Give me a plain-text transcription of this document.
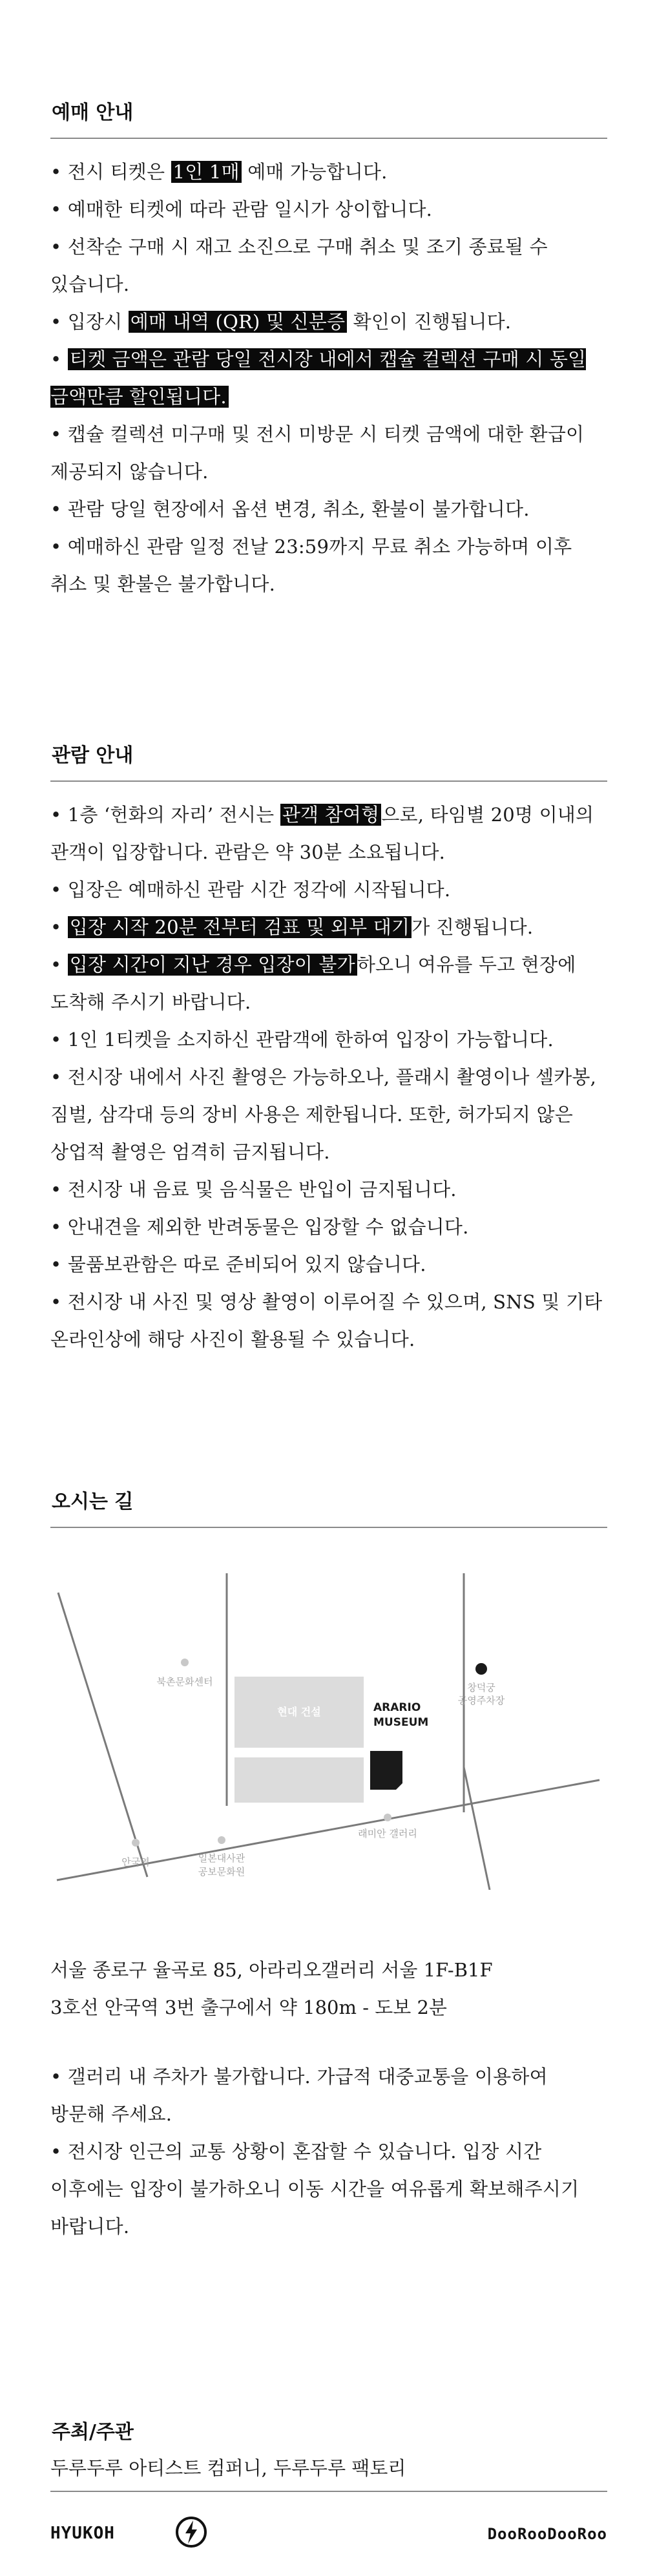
예매 안내
• 전시 티켓은 1인 1매 예매 가능합니다.
• 예매한 티켓에 따라 관람 일시가 상이합니다.
• 선착순 구매 시 재고 소진으로 구매 취소 및 조기 종료될 수 있습니다.
• 입장시 예매 내역 (QR) 및 신분증 확인이 진행됩니다.
• 티켓 금액은 관람 당일 전시장 내에서 캡슐 컬렉션 구매 시 동일 금액만큼 할인됩니다.
• 캡슐 컬렉션 미구매 및 전시 미방문 시 티켓 금액에 대한 환급이 제공되지 않습니다.
• 관람 당일 현장에서 옵션 변경, 취소, 환불이 불가합니다.
• 예매하신 관람 일정 전날 23:59까지 무료 취소 가능하며 이후 취소 및 환불은 불가합니다.
관람 안내
• 1층 ‘헌화의 자리’ 전시는 관객 참여형 으로, 타임별 20명 이내의 관객이 입장합니다. 관람은 약 30분 소요됩니다.
• 입장은 예매하신 관람 시간 정각에 시작됩니다.
• 입장 시작 20분 전부터 검표 및 외부 대기 가 진행됩니다.
• 입장 시간이 지난 경우 입장이 불가 하오니 여유를 두고 현장에 도착해 주시기 바랍니다.
• 1인 1티켓을 소지하신 관람객에 한하여 입장이 가능합니다.
• 전시장 내에서 사진 촬영은 가능하오나, 플래시 촬영이나 셀카봉, 짐벌, 삼각대 등의 장비 사용은 제한됩니다. 또한, 허가되지 않은 상업적 촬영은 엄격히 금지됩니다.
• 전시장 내 음료 및 음식물은 반입이 금지됩니다.
• 안내견을 제외한 반려동물은 입장할 수 없습니다.
• 물품보관함은 따로 준비되어 있지 않습니다.
• 전시장 내 사진 및 영상 촬영이 이루어질 수 있으며, SNS 및 기타 온라인상에 해당 사진이 활용될 수 있습니다.
오시는 길
북촌문화센터
현대 건설	ARARIO
MUSEUM
창덕궁
공영주차장
안국역	일본대사관
공보문화원
래미안 갤러리

서울 종로구 율곡로 85, 아라리오갤러리 서울 1F-B1F

3호선 안국역 3번 출구에서 약 180m - 도보 2분

• 갤러리 내 주차가 불가합니다. 가급적 대중교통을 이용하여 방문해 주세요.
• 전시장 인근의 교통 상황이 혼잡할 수 있습니다. 입장 시간 이후에는 입장이 불가하오니 이동 시간을 여유롭게 확보해주시기 바랍니다.
주최/주관

두루두루 아티스트 컴퍼니, 두루두루 팩토리

HYUKOH	DooRooDooRoo
